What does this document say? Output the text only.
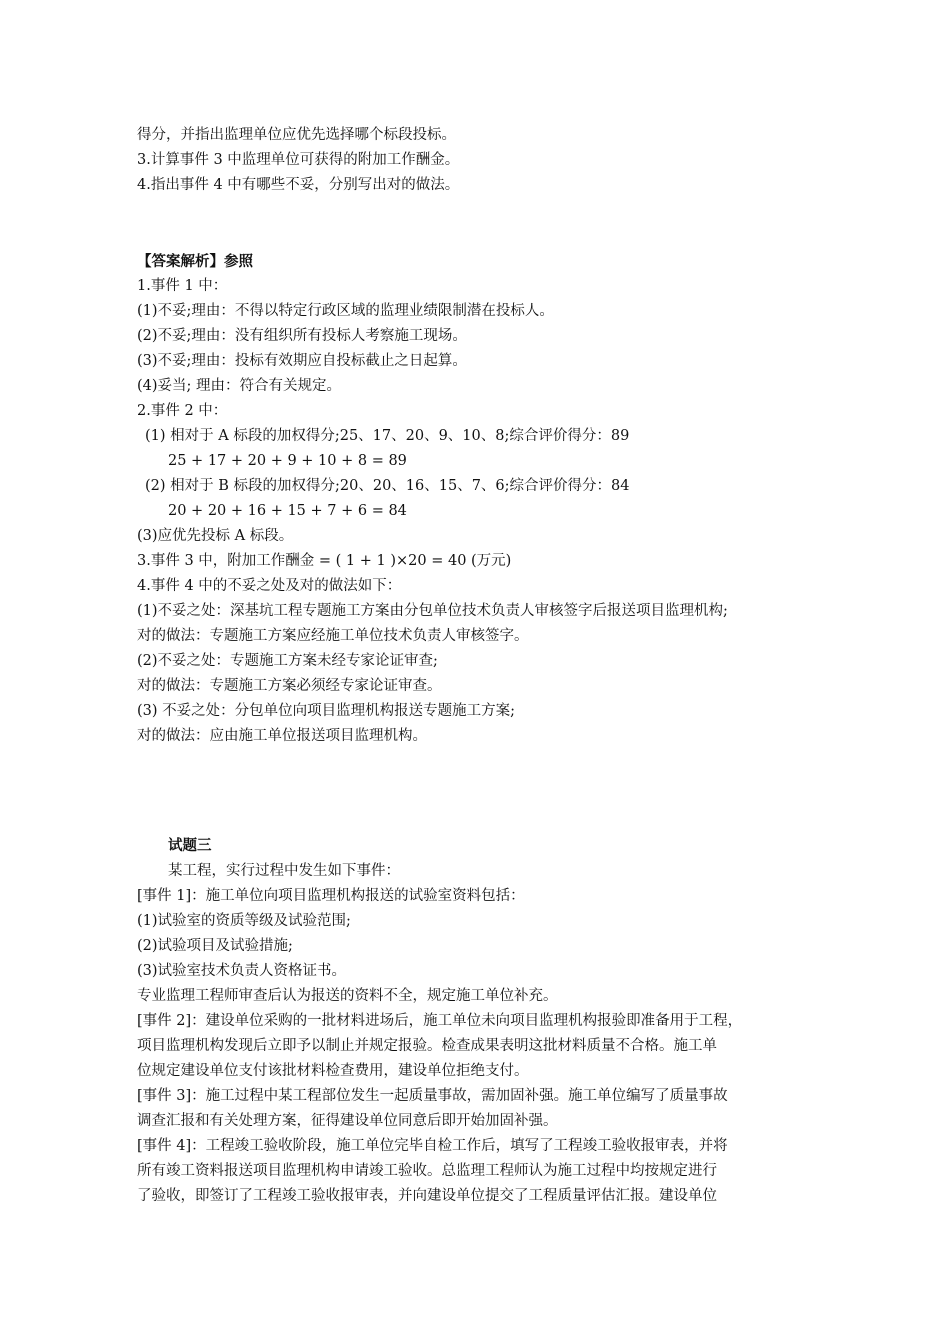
得分，并指出监理单位应优先选择哪个标段投标。
3.计算事件 3 中监理单位可获得的附加工作酬金。
4.指出事件 4 中有哪些不妥，分别写出对的做法。
【答案解析】参照
1.事件 1 中：
(1)不妥;理由：不得以特定行政区域的监理业绩限制潜在投标人。
(2)不妥;理由：没有组织所有投标人考察施工现场。
(3)不妥;理由：投标有效期应自投标截止之日起算。
(4)妥当; 理由：符合有关规定。
2.事件 2 中：
(1) 相对于 A 标段的加权得分;25、17、20、9、10、8;综合评价得分：89
25 + 17 + 20 + 9 + 10 + 8 = 89
(2) 相对于 B 标段的加权得分;20、20、16、15、7、6;综合评价得分：84
20 + 20 + 16 + 15 + 7 + 6 = 84
(3)应优先投标 A 标段。
3.事件 3 中，附加工作酬金 = ( 1 + 1 )×20 = 40 (万元)
4.事件 4 中的不妥之处及对的做法如下：
(1)不妥之处：深基坑工程专题施工方案由分包单位技术负责人审核签字后报送项目监理机构;
对的做法：专题施工方案应经施工单位技术负责人审核签字。
(2)不妥之处：专题施工方案未经专家论证审查;
对的做法：专题施工方案必须经专家论证审查。
(3) 不妥之处：分包单位向项目监理机构报送专题施工方案;
对的做法：应由施工单位报送项目监理机构。
试题三
某工程，实行过程中发生如下事件：
[事件 1]：施工单位向项目监理机构报送的试验室资料包括：
(1)试验室的资质等级及试验范围;
(2)试验项目及试验措施;
(3)试验室技术负责人资格证书。
专业监理工程师审查后认为报送的资料不全，规定施工单位补充。
[事件 2]：建设单位采购的一批材料进场后，施工单位未向项目监理机构报验即准备用于工程，
项目监理机构发现后立即予以制止并规定报验。检查成果表明这批材料质量不合格。施工单
位规定建设单位支付该批材料检查费用，建设单位拒绝支付。
[事件 3]：施工过程中某工程部位发生一起质量事故，需加固补强。施工单位编写了质量事故
调查汇报和有关处理方案，征得建设单位同意后即开始加固补强。
[事件 4]：工程竣工验收阶段，施工单位完毕自检工作后，填写了工程竣工验收报审表，并将
所有竣工资料报送项目监理机构申请竣工验收。总监理工程师认为施工过程中均按规定进行
了验收，即签订了工程竣工验收报审表，并向建设单位提交了工程质量评估汇报。建设单位
